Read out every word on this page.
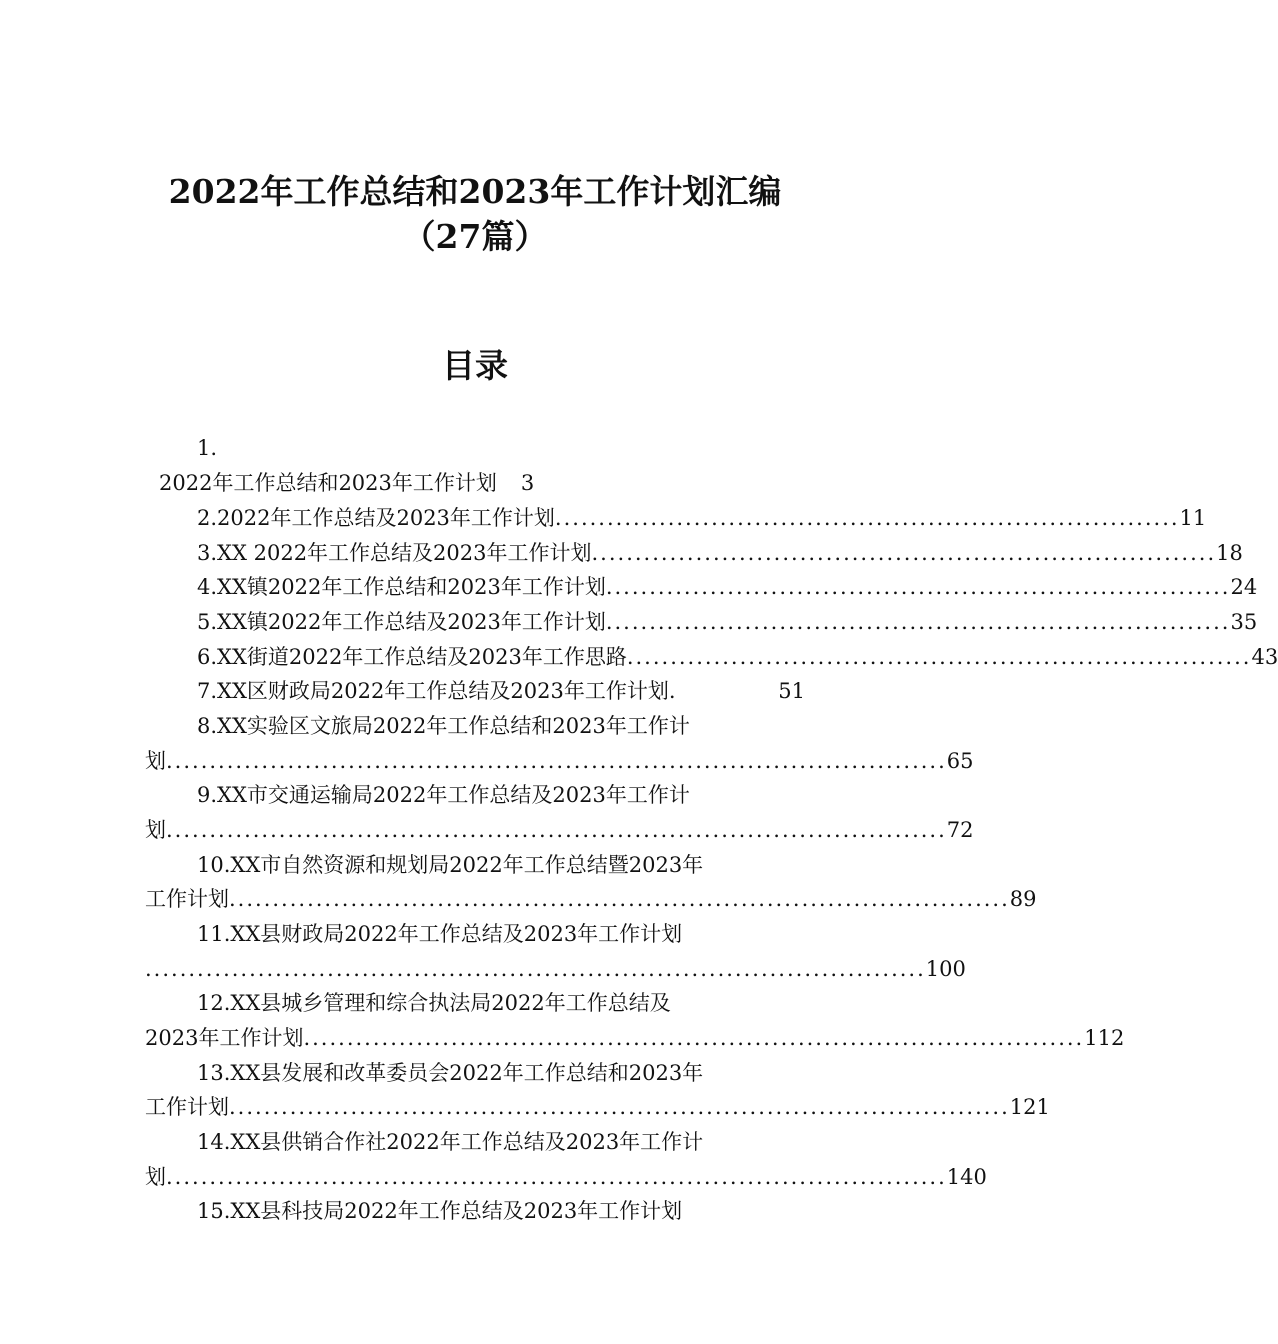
2022年工作总结和2023年工作计划汇编
（27篇）
目录
1.
2022年工作总结和2023年工作计划 3
2.2022年工作总结及2023年工作计划 ........................................................................ 11
3.XX 2022年工作总结及2023年工作计划 ........................................................................ 18
4.XX镇2022年工作总结和2023年工作计划 ........................................................................ 24
5.XX镇2022年工作总结及2023年工作计划 ........................................................................ 35
6.XX街道2022年工作总结及2023年工作思路 ........................................................................ 43
7.XX区财政局2022年工作总结及2023年工作计划.	51
8.XX实验区文旅局2022年工作总结和2023年工作计
划 .......................................................................................... 65
9.XX市交通运输局2022年工作总结及2023年工作计
划 .......................................................................................... 72
10.XX市自然资源和规划局2022年工作总结暨2023年
工作计划 .......................................................................................... 89
11.XX县财政局2022年工作总结及2023年工作计划
.......................................................................................... 100
12.XX县城乡管理和综合执法局2022年工作总结及
2023年工作计划 .......................................................................................... 112
13.XX县发展和改革委员会2022年工作总结和2023年
工作计划 .......................................................................................... 121
14.XX县供销合作社2022年工作总结及2023年工作计
划 .......................................................................................... 140
15.XX县科技局2022年工作总结及2023年工作计划
